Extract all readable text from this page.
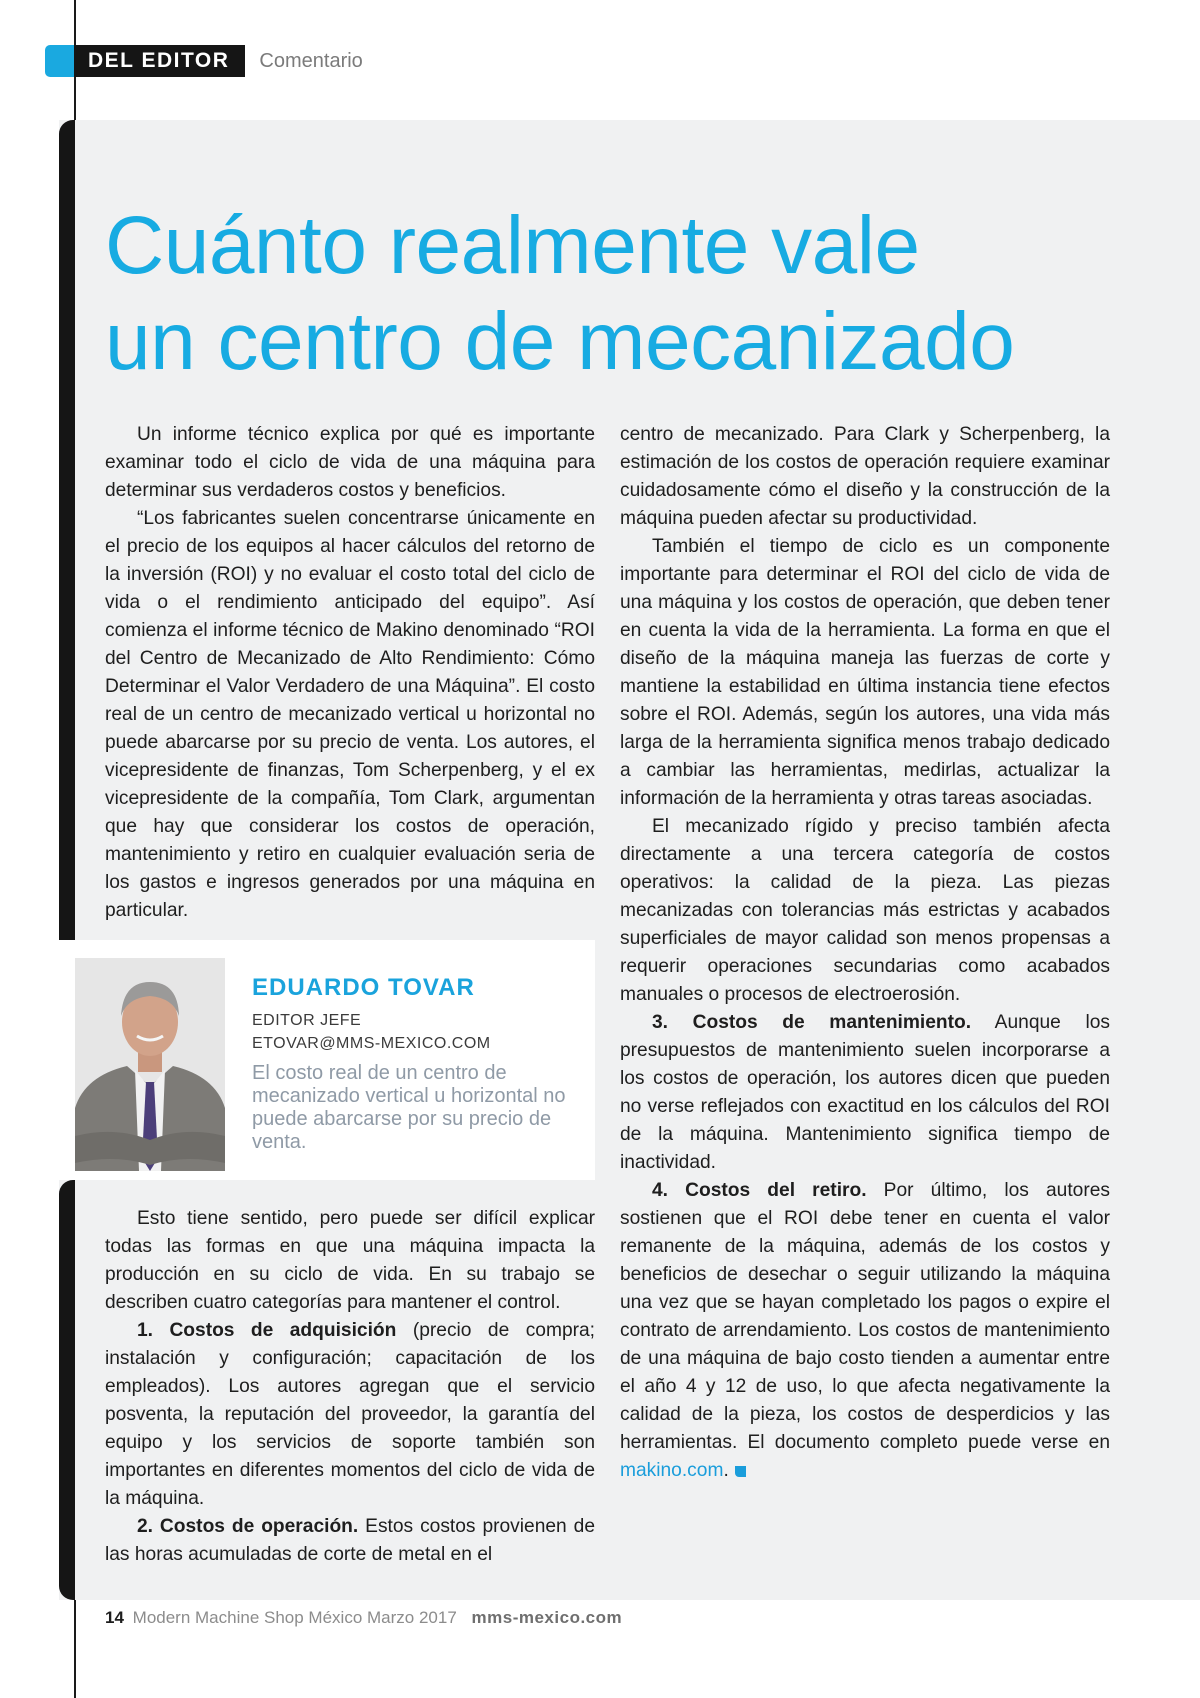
DEL EDITOR	Comentario
Cuánto realmente vale
un centro de mecanizado

Un informe técnico explica por qué es importante examinar todo el ciclo de vida de una máquina para determinar sus verdaderos costos y beneficios.

“Los fabricantes suelen concentrarse únicamente en el precio de los equipos al hacer cálculos del retorno de la inversión (ROI) y no evaluar el costo total del ciclo de vida o el rendimiento anticipado del equipo”. Así comienza el informe técnico de Makino denominado “ROI del Centro de Mecanizado de Alto Rendimiento: Cómo Determinar el Valor Verdadero de una Máquina”. El costo real de un centro de mecanizado vertical u horizontal no puede abarcarse por su precio de venta. Los autores, el vicepresidente de finanzas, Tom Scherpenberg, y el ex vicepresidente de la compañía, Tom Clark, argumentan que hay que considerar los costos de operación, mantenimiento y retiro en cualquier evaluación seria de los gastos e ingresos generados por una máquina en particular.

EDUARDO TOVAR
EDITOR JEFE
ETOVAR@MMS-MEXICO.COM
El costo real de un centro de mecanizado vertical u horizontal no puede abarcarse por su precio de venta.

Esto tiene sentido, pero puede ser difícil explicar todas las formas en que una máquina impacta la producción en su ciclo de vida. En su trabajo se describen cuatro categorías para mantener el control.

1. Costos de adquisición (precio de compra; instalación y configuración; capacitación de los empleados). Los autores agregan que el servicio posventa, la reputación del proveedor, la garantía del equipo y los servicios de soporte también son importantes en diferentes momentos del ciclo de vida de la máquina.

2. Costos de operación. Estos costos provienen de las horas acumuladas de corte de metal en el

centro de mecanizado. Para Clark y Scherpenberg, la estimación de los costos de operación requiere examinar cuidadosamente cómo el diseño y la construcción de la máquina pueden afectar su productividad.

También el tiempo de ciclo es un componente importante para determinar el ROI del ciclo de vida de una máquina y los costos de operación, que deben tener en cuenta la vida de la herramienta. La forma en que el diseño de la máquina maneja las fuerzas de corte y mantiene la estabilidad en última instancia tiene efectos sobre el ROI. Además, según los autores, una vida más larga de la herramienta significa menos trabajo dedicado a cambiar las herramientas, medirlas, actualizar la información de la herramienta y otras tareas asociadas.

El mecanizado rígido y preciso también afecta directamente a una tercera categoría de costos operativos: la calidad de la pieza. Las piezas mecanizadas con tolerancias más estrictas y acabados superficiales de mayor calidad son menos propensas a requerir operaciones secundarias como acabados manuales o procesos de electroerosión.

3. Costos de mantenimiento. Aunque los presupuestos de mantenimiento suelen incorporarse a los costos de operación, los autores dicen que pueden no verse reflejados con exactitud en los cálculos del ROI de la máquina. Mantenimiento significa tiempo de inactividad.

4. Costos del retiro. Por último, los autores sostienen que el ROI debe tener en cuenta el valor remanente de la máquina, además de los costos y beneficios de desechar o seguir utilizando la máquina una vez que se hayan completado los pagos o expire el contrato de arrendamiento. Los costos de mantenimiento de una máquina de bajo costo tienden a aumentar entre el año 4 y 12 de uso, lo que afecta negativamente la calidad de la pieza, los costos de desperdicios y las herramientas. El documento completo puede verse en makino.com.

14 Modern Machine Shop México Marzo 2017 mms-mexico.com
